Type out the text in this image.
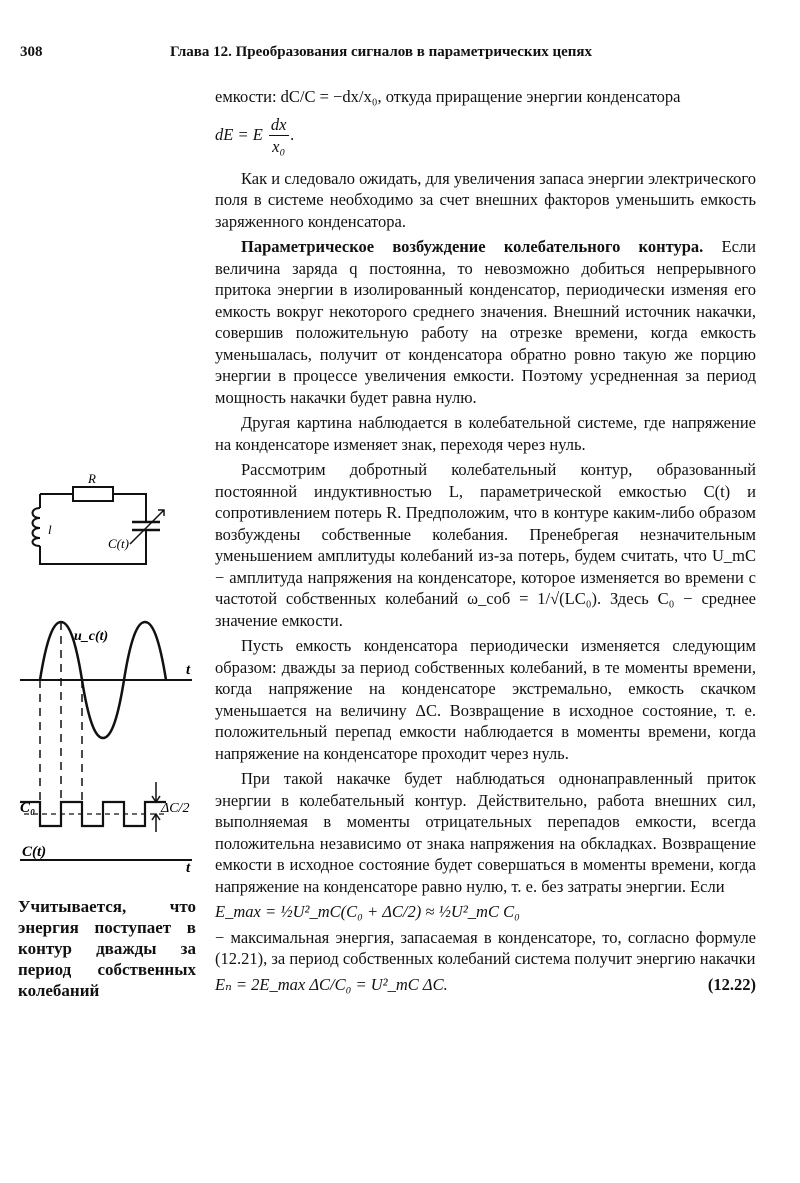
308	Глава 12. Преобразования сигналов в параметрических цепях

емкости: dC/C = −dx/x₀, откуда приращение энергии конденсатора

dE = E $\frac{dx}{\text{x₀}}$ .

Как и следовало ожидать, для увеличения запаса энергии электрического поля в системе необходимо за счет внешних факторов уменьшить емкость заряженного конденсатора.

Параметрическое возбуждение колебательного контура. Если величина заряда q постоянна, то невозможно добиться непрерывного притока энергии в изолированный конденсатор, периодически изменяя его емкость вокруг некоторого среднего значения. Внешний источник накачки, совершив положительную работу на отрезке времени, когда емкость уменьшалась, получит от конденсатора обратно ровно такую же порцию энергии в процессе увеличения емкости. Поэтому усредненная за период мощность накачки будет равна нулю.

Другая картина наблюдается в колебательной системе, где напряжение на конденсаторе изменяет знак, переходя через нуль.

Рассмотрим добротный колебательный контур, образованный постоянной индуктивностью L, параметрической емкостью C(t) и сопротивлением потерь R. Предположим, что в контуре каким-либо образом возбуждены собственные колебания. Пренебрегая незначительным уменьшением амплитуды колебаний из-за потерь, будем считать, что U_mC − амплитуда напряжения на конденсаторе, которое изменяется во времени с частотой собственных колебаний ω_соб = 1/√(LC₀). Здесь C₀ − среднее значение емкости.

Пусть емкость конденсатора периодически изменяется следующим образом: дважды за период собственных колебаний, в те моменты времени, когда напряжение на конденсаторе экстремально, емкость скачком уменьшается на величину ΔC. Возвращение в исходное состояние, т. е. положительный перепад емкости наблюдается в моменты времени, когда напряжение на конденсаторе проходит через нуль.

При такой накачке будет наблюдаться однонаправленный приток энергии в колебательный контур. Действительно, работа внешних сил, выполняемая в моменты отрицательных перепадов емкости, всегда положительна независимо от знака напряжения на обкладках. Возвращение емкости в исходное состояние будет совершаться в моменты времени, когда напряжение на конденсаторе равно нулю, т. е. без затраты энергии. Если

E_max = ½U²_mC(C₀ + ΔC/2) ≈ ½U²_mC C₀

− максимальная энергия, запасаемая в конденсаторе, то, согласно формуле (12.21), за период собственных колебаний система получит энергию накачки

Eₙ = 2E_max ΔC/C₀ = U²_mC ΔC.	(12.22)
R
l
C(t)
u_c(t)
t
C₀
C(t)
ΔC/2
t
Учитывается, что энергия поступает в контур дважды за период собственных колебаний
